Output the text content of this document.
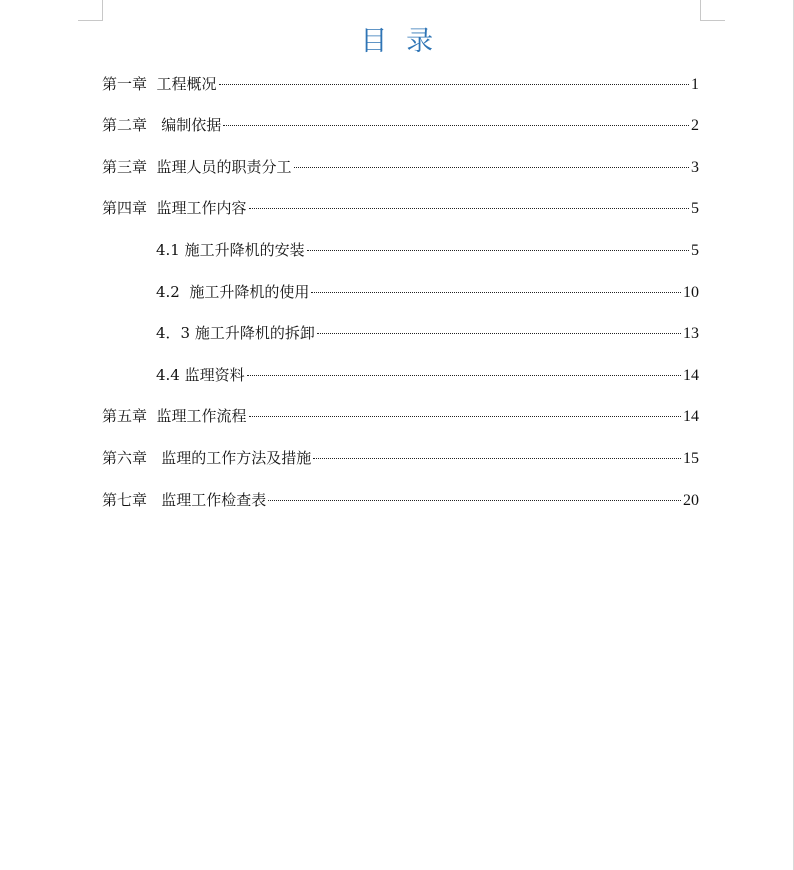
目  录
第一章  工程概况	1
第二章   编制依据	2
第三章  监理人员的职责分工	3
第四章  监理工作内容	5
4.1 施工升降机的安装	5
4.2  施工升降机的使用	10
4．3 施工升降机的拆卸	13
4.4 监理资料	14
第五章  监理工作流程	14
第六章   监理的工作方法及措施	15
第七章   监理工作检查表	20
